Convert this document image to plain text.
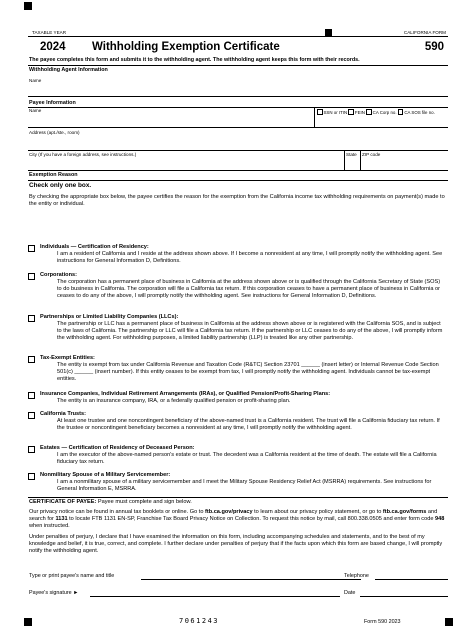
TAXABLE YEAR	CALIFORNIA FORM
2024 Withholding Exemption Certificate	590
The payee completes this form and submits it to the withholding agent. The withholding agent keeps this form with their records.
Withholding Agent Information
Name
Payee Information
Name	SSN or ITIN FEIN CA Corp no. CA SOS file no.
Address (apt./ste., room)
City (If you have a foreign address, see instructions.)	State ZIP code
Exemption Reason
Check only one box.
By checking the appropriate box below, the payee certifies the reason for the exemption from the California income tax withholding requirements on payment(s) made to the entity or individual.
Individuals — Certification of Residency:
I am a resident of California and I reside at the address shown above. If I become a nonresident at any time, I will promptly notify the withholding agent. See instructions for General Information D, Definitions.
Corporations:
The corporation has a permanent place of business in California at the address shown above or is qualified through the California Secretary of State (SOS) to do business in California. The corporation will file a California tax return. If this corporation ceases to have a permanent place of business in California or ceases to do any of the above, I will promptly notify the withholding agent. See instructions for General Information D, Definitions.
Partnerships or Limited Liability Companies (LLCs):
The partnership or LLC has a permanent place of business in California at the address shown above or is registered with the California SOS, and is subject to the laws of California. The partnership or LLC will file a California tax return. If the partnership or LLC ceases to do any of the above, I will promptly inform the withholding agent. For withholding purposes, a limited liability partnership (LLP) is treated like any other partnership.
Tax-Exempt Entities:
The entity is exempt from tax under California Revenue and Taxation Code (R&TC) Section 23701 ______ (insert letter) or Internal Revenue Code Section 501(c) ______ (insert number). If this entity ceases to be exempt from tax, I will promptly notify the withholding agent. Individuals cannot be tax-exempt entities.
Insurance Companies, Individual Retirement Arrangements (IRAs), or Qualified Pension/Profit-Sharing Plans:
The entity is an insurance company, IRA, or a federally qualified pension or profit-sharing plan.
California Trusts:
At least one trustee and one noncontingent beneficiary of the above-named trust is a California resident. The trust will file a California fiduciary tax return. If the trustee or noncontingent beneficiary becomes a nonresident at any time, I will promptly notify the withholding agent.
Estates — Certification of Residency of Deceased Person:
I am the executor of the above-named person's estate or trust. The decedent was a California resident at the time of death. The estate will file a California fiduciary tax return.
Nonmilitary Spouse of a Military Servicemember:
I am a nonmilitary spouse of a military servicemember and I meet the Military Spouse Residency Relief Act (MSRRA) requirements. See instructions for General Information E, MSRRA.
CERTIFICATE OF PAYEE: Payee must complete and sign below.
Our privacy notice can be found in annual tax booklets or online. Go to ftb.ca.gov/privacy to learn about our privacy policy statement, or go to ftb.ca.gov/forms and search for 1131 to locate FTB 1131 EN-SP, Franchise Tax Board Privacy Notice on Collection. To request this notice by mail, call 800.338.0505 and enter form code 948 when instructed.
Under penalties of perjury, I declare that I have examined the information on this form, including accompanying schedules and statements, and to the best of my knowledge and belief, it is true, correct, and complete. I further declare under penalties of perjury that if the facts upon which this form are based change, I will promptly notify the withholding agent.
Type or print payee's name and title	Telephone
Payee's signature ►	Date
7061243	Form 590 2023
